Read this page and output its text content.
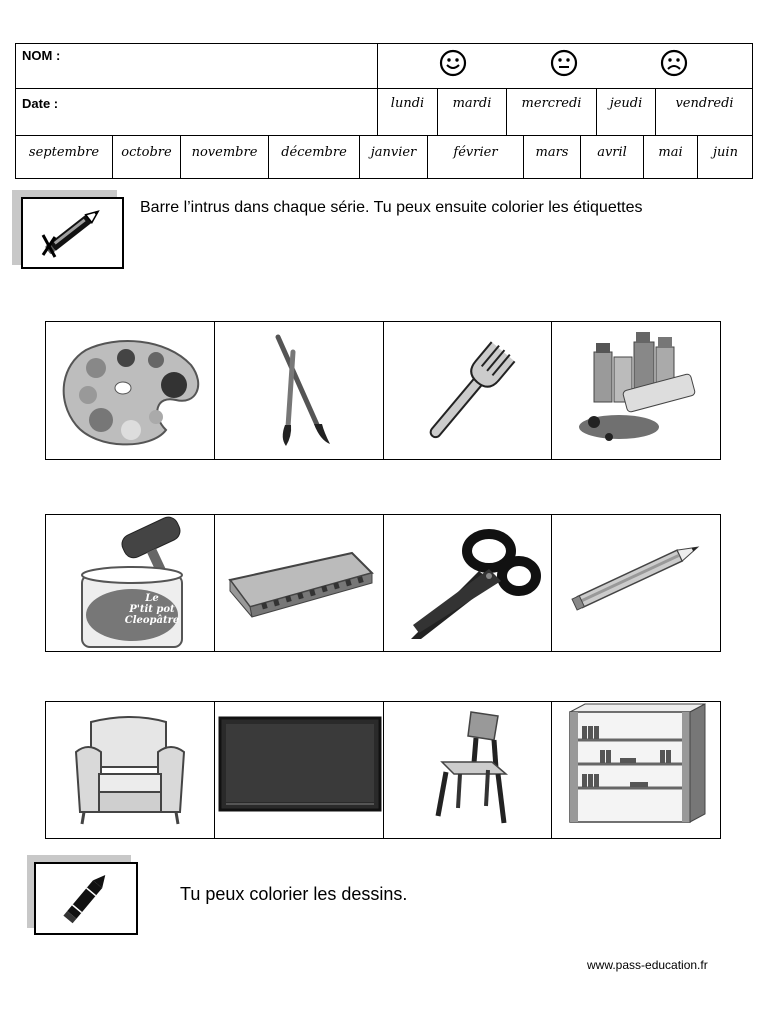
NOM :
Date :	lundi	mardi	mercredi	jeudi	vendredi
septembre	octobre	novembre	décembre	janvier	février	mars	avril	mai	juin
Barre l’intrus dans chaque série. Tu peux ensuite colorier les étiquettes
Le
P'tit pot
Cleopâtre
Tu peux colorier les dessins.
www.pass-education.fr
